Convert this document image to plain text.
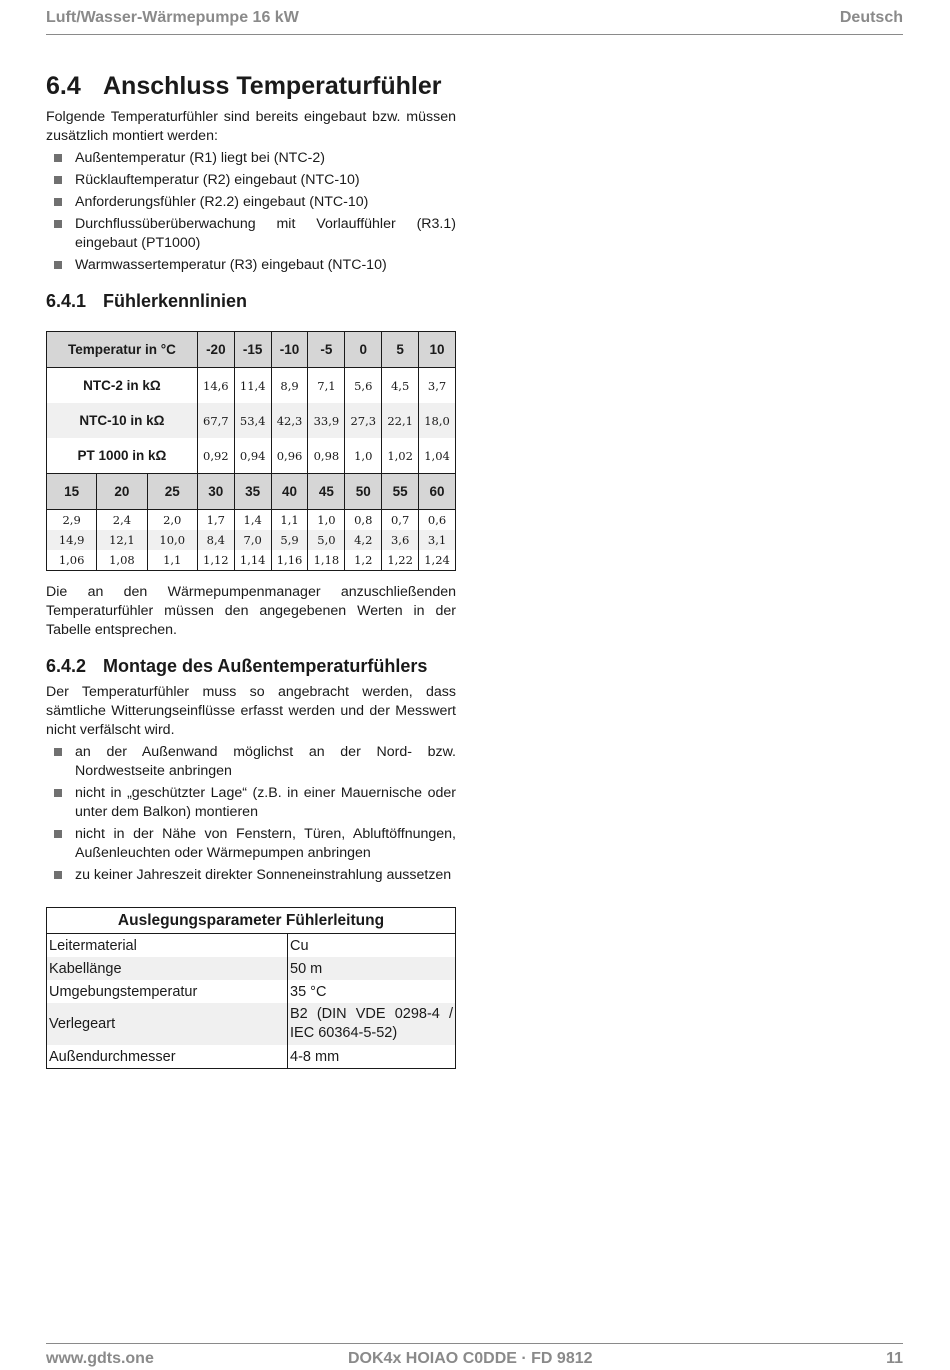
Luft/Wasser-Wärmepumpe 16 kW	Deutsch
6.4 Anschluss Temperaturfühler

Folgende Temperaturfühler sind bereits eingebaut bzw. müssen zusätzlich montiert werden:

Außentemperatur (R1) liegt bei (NTC-2)
Rücklauftemperatur (R2) eingebaut (NTC-10)
Anforderungsfühler (R2.2) eingebaut (NTC-10)
Durchflussüberüberwachung mit Vorlauffühler (R3.1) eingebaut (PT1000)
Warmwassertemperatur (R3) eingebaut (NTC-10)
6.4.1 Fühlerkennlinien
Temperatur in °C			-20	-15	-10	-5	0	5	10
NTC-2 in kΩ			14,6	11,4	8,9	7,1	5,6	4,5	3,7
NTC-10 in kΩ			67,7	53,4	42,3	33,9	27,3	22,1	18,0
PT 1000 in kΩ			0,92	0,94	0,96	0,98	1,0	1,02	1,04
15	20	25	30	35	40	45	50	55	60
2,9	2,4	2,0	1,7	1,4	1,1	1,0	0,8	0,7	0,6
14,9	12,1	10,0	8,4	7,0	5,9	5,0	4,2	3,6	3,1
1,06	1,08	1,1	1,12	1,14	1,16	1,18	1,2	1,22	1,24

Die an den Wärmepumpenmanager anzuschließenden Temperaturfühler müssen den angegebenen Werten in der Tabelle entsprechen.

6.4.2 Montage des Außentemperaturfühlers

Der Temperaturfühler muss so angebracht werden, dass sämtliche Witterungseinflüsse erfasst werden und der Messwert nicht verfälscht wird.

an der Außenwand möglichst an der Nord- bzw. Nordwestseite anbringen
nicht in „geschützter Lage“ (z.B. in einer Mauernische oder unter dem Balkon) montieren
nicht in der Nähe von Fenstern, Türen, Abluftöffnungen, Außenleuchten oder Wärmepumpen anbringen
zu keiner Jahreszeit direkter Sonneneinstrahlung aussetzen
Auslegungsparameter Fühlerleitung	
Leitermaterial	Cu
Kabellänge	50 m
Umgebungstemperatur	35 °C
Verlegeart	B2 (DIN VDE 0298-4 / IEC 60364-5-52)
Außendurchmesser	4-8 mm
www.gdts.one	DOK4x HOIAO C0DDE · FD 9812	11
